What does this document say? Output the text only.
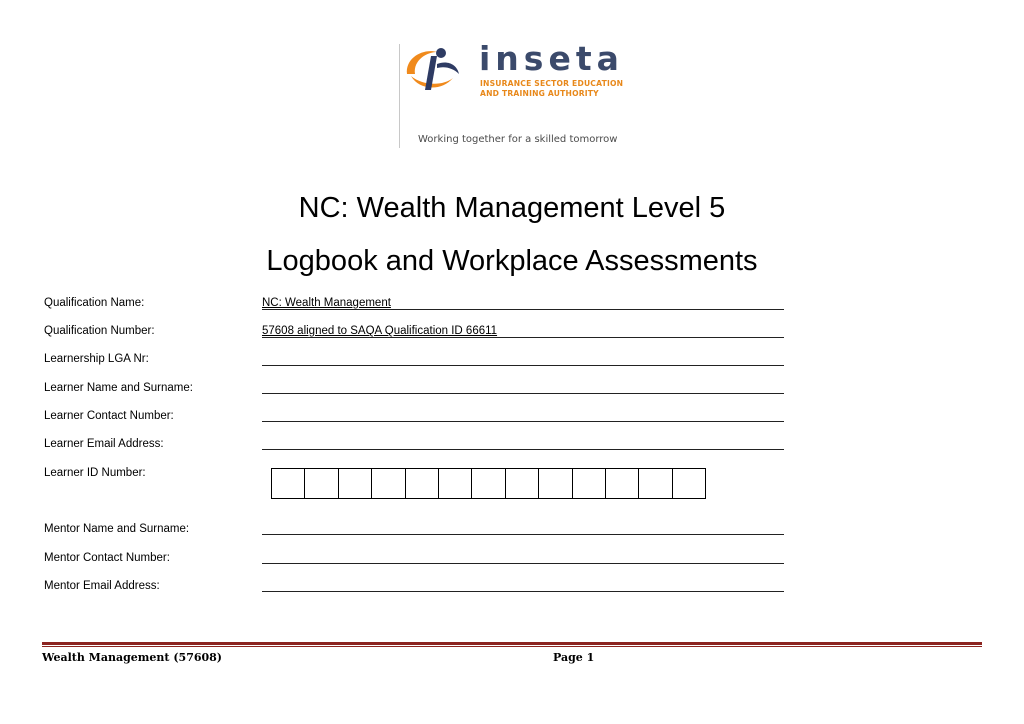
inseta
INSURANCE SECTOR EDUCATION
AND TRAINING AUTHORITY
Working together for a skilled tomorrow
NC: Wealth Management Level 5
Logbook and Workplace Assessments
Qualification Name:	NC: Wealth Management
Qualification Number:	57608 aligned to SAQA Qualification ID 66611
Learnership LGA Nr:
Learner Name and Surname:
Learner Contact Number:
Learner Email Address:
Learner ID Number:
Mentor Name and Surname:
Mentor Contact Number:
Mentor Email Address:
Wealth Management (57608)	Page 1
